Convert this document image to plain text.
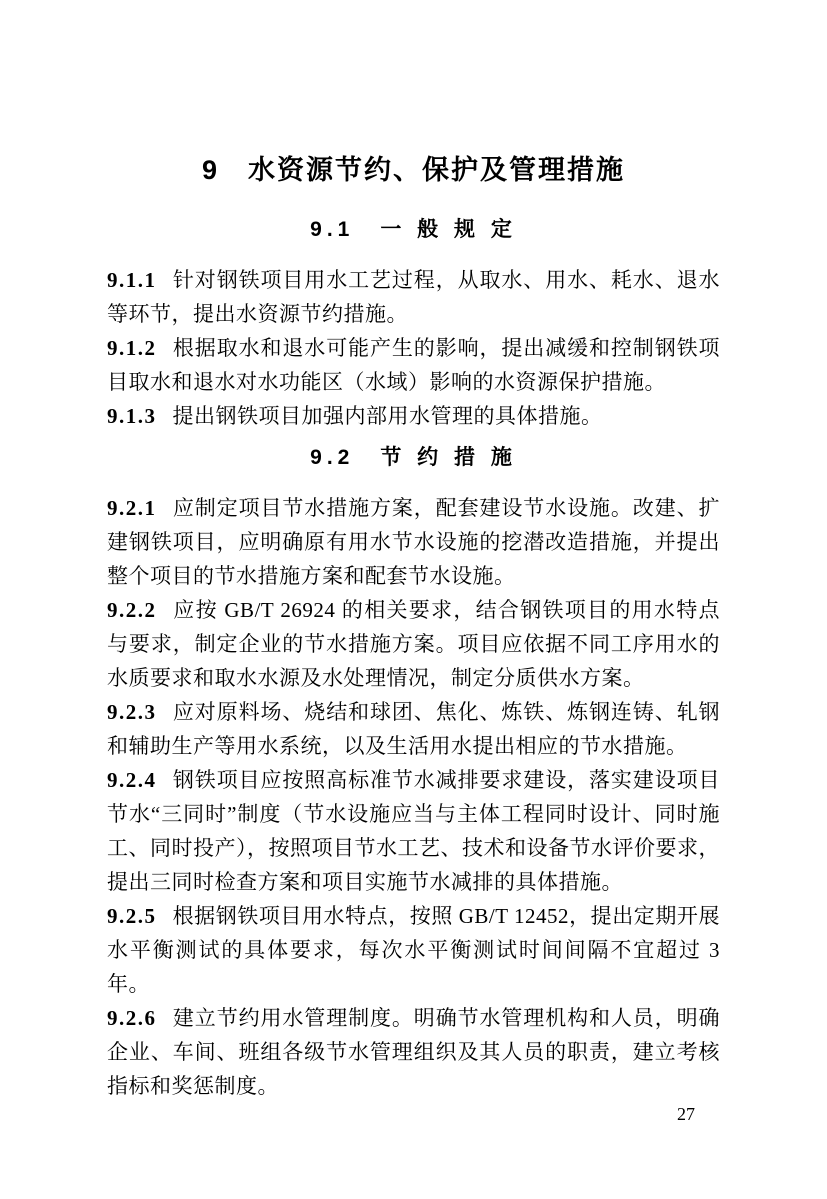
9　水资源节约、保护及管理措施
9.1　一 般 规 定

9.1.1 针对钢铁项目用水工艺过程，从取水、用水、耗水、退水等环节，提出水资源节约措施。

9.1.2 根据取水和退水可能产生的影响，提出减缓和控制钢铁项目取水和退水对水功能区（水域）影响的水资源保护措施。

9.1.3 提出钢铁项目加强内部用水管理的具体措施。

9.2　节 约 措 施

9.2.1 应制定项目节水措施方案，配套建设节水设施。改建、扩建钢铁项目，应明确原有用水节水设施的挖潜改造措施，并提出整个项目的节水措施方案和配套节水设施。

9.2.2 应按 GB/T 26924 的相关要求，结合钢铁项目的用水特点与要求，制定企业的节水措施方案。项目应依据不同工序用水的水质要求和取水水源及水处理情况，制定分质供水方案。

9.2.3 应对原料场、烧结和球团、焦化、炼铁、炼钢连铸、轧钢和辅助生产等用水系统，以及生活用水提出相应的节水措施。

9.2.4 钢铁项目应按照高标准节水减排要求建设，落实建设项目节水“三同时”制度（节水设施应当与主体工程同时设计、同时施工、同时投产），按照项目节水工艺、技术和设备节水评价要求，提出三同时检查方案和项目实施节水减排的具体措施。

9.2.5 根据钢铁项目用水特点，按照 GB/T 12452，提出定期开展水平衡测试的具体要求，每次水平衡测试时间间隔不宜超过 3 年。

9.2.6 建立节约用水管理制度。明确节水管理机构和人员，明确企业、车间、班组各级节水管理组织及其人员的职责，建立考核指标和奖惩制度。

27
